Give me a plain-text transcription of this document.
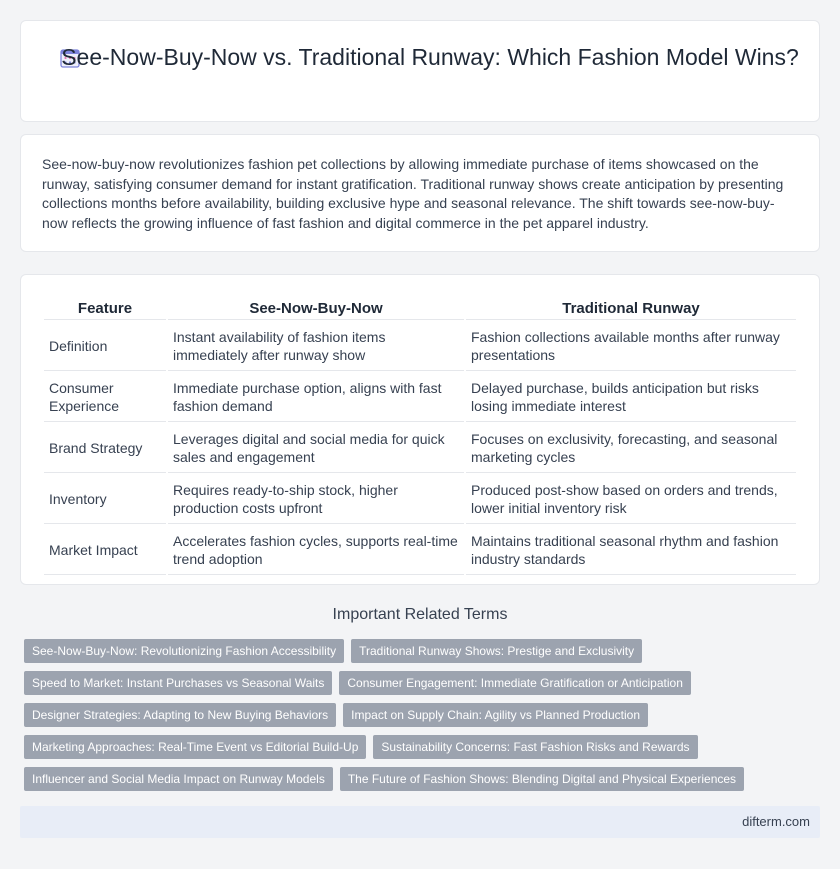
See-Now-Buy-Now vs. Traditional Runway: Which Fashion Model Wins?

See-now-buy-now revolutionizes fashion pet collections by allowing immediate purchase of items showcased on the runway, satisfying consumer demand for instant gratification. Traditional runway shows create anticipation by presenting collections months before availability, building exclusive hype and seasonal relevance. The shift towards see-now-buy-now reflects the growing influence of fast fashion and digital commerce in the pet apparel industry.

Feature	See-Now-Buy-Now	Traditional Runway
Definition	Instant availability of fashion items immediately after runway show	Fashion collections available months after runway presentations
Consumer Experience	Immediate purchase option, aligns with fast fashion demand	Delayed purchase, builds anticipation but risks losing immediate interest
Brand Strategy	Leverages digital and social media for quick sales and engagement	Focuses on exclusivity, forecasting, and seasonal marketing cycles
Inventory	Requires ready-to-ship stock, higher production costs upfront	Produced post-show based on orders and trends, lower initial inventory risk
Market Impact	Accelerates fashion cycles, supports real-time trend adoption	Maintains traditional seasonal rhythm and fashion industry standards
Important Related Terms
See-Now-Buy-Now: Revolutionizing Fashion Accessibility	Traditional Runway Shows: Prestige and Exclusivity
Speed to Market: Instant Purchases vs Seasonal Waits	Consumer Engagement: Immediate Gratification or Anticipation
Designer Strategies: Adapting to New Buying Behaviors	Impact on Supply Chain: Agility vs Planned Production
Marketing Approaches: Real-Time Event vs Editorial Build-Up	Sustainability Concerns: Fast Fashion Risks and Rewards
Influencer and Social Media Impact on Runway Models	The Future of Fashion Shows: Blending Digital and Physical Experiences
difterm.com
